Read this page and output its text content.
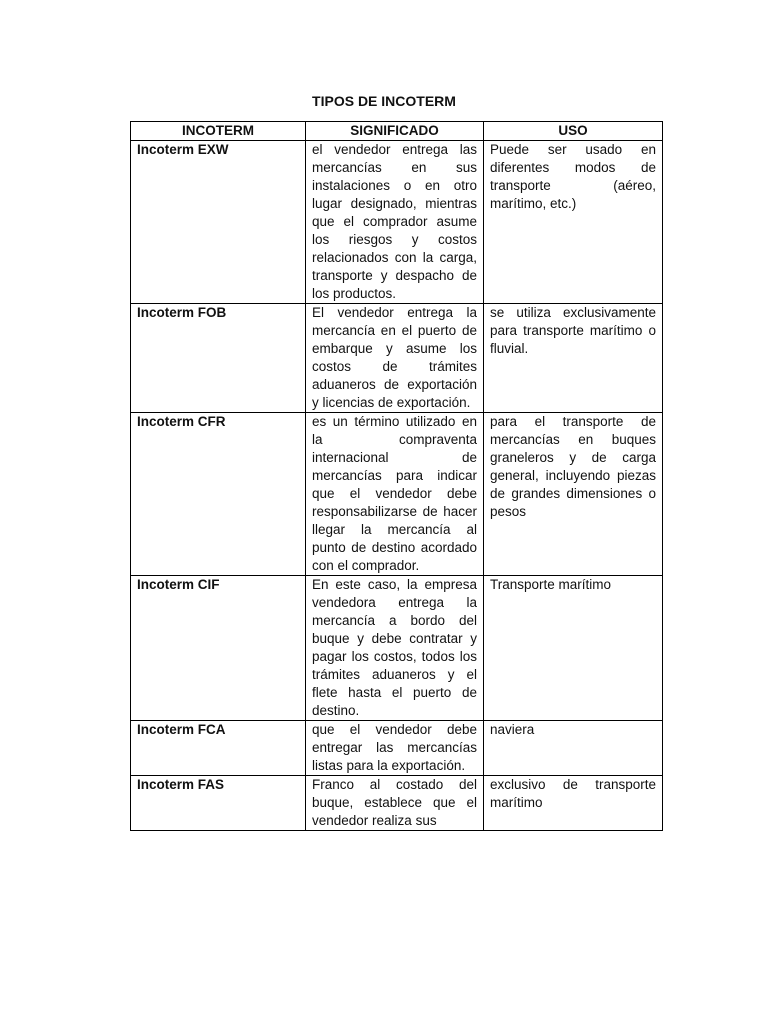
TIPOS DE INCOTERM
INCOTERM	SIGNIFICADO	USO
Incoterm EXW	el vendedor entrega las mercancías en sus instalaciones o en otro lugar designado, mientras que el comprador asume los riesgos y costos relacionados con la carga, transporte y despacho de los productos.	Puede ser usado en diferentes modos de transporte (aéreo, marítimo, etc.)
Incoterm FOB	El vendedor entrega la mercancía en el puerto de embarque y asume los costos de trámites aduaneros de exportación y licencias de exportación.	se utiliza exclusivamente para transporte marítimo o fluvial.
Incoterm CFR	es un término utilizado en la compraventa internacional de mercancías para indicar que el vendedor debe responsabilizarse de hacer llegar la mercancía al punto de destino acordado con el comprador.	para el transporte de mercancías en buques graneleros y de carga general, incluyendo piezas de grandes dimensiones o pesos
Incoterm CIF	En este caso, la empresa vendedora entrega la mercancía a bordo del buque y debe contratar y pagar los costos, todos los trámites aduaneros y el flete hasta el puerto de destino.	Transporte marítimo
Incoterm FCA	que el vendedor debe entregar las mercancías listas para la exportación.	naviera

Incoterm FAS	Franco al costado del buque, establece que el vendedor realiza sus	exclusivo de transporte marítimo
